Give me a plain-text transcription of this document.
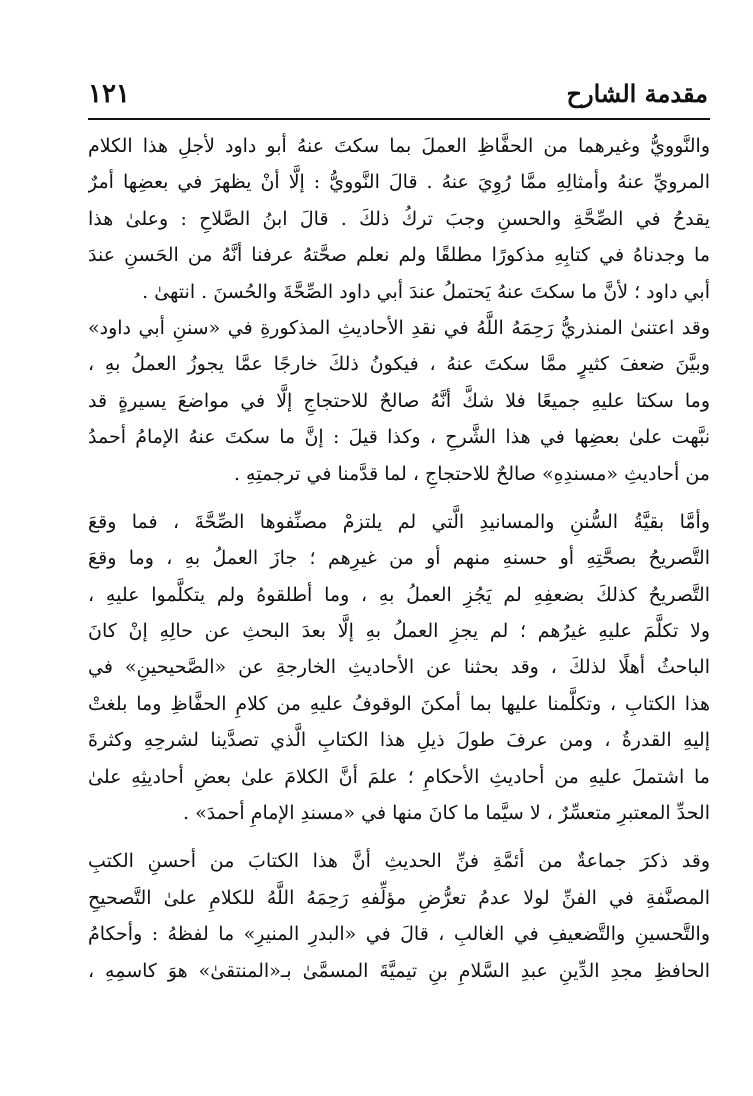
مقدمة الشارح
١٢١
والنَّوويُّ وغيرهما من الحفَّاظِ العملَ بما سكتَ عنهُ أبو داود لأجلِ هذا الكلام
المرويِّ عنهُ وأمثالِهِ ممَّا رُوِيَ عنهُ . قالَ النَّوويُّ : إلَّا أنْ يظهرَ في بعضِها أمرٌ
يقدحُ في الصِّحَّةِ والحسنِ وجبَ تركُ ذلكَ . قالَ ابنُ الصَّلاحِ : وعلىٰ هذا
ما وجدناهُ في كتابِهِ مذكورًا مطلقًا ولم نعلم صحَّتهُ عرفنا أنَّهُ من الحَسنِ عندَ
أبي داود ؛ لأنَّ ما سكتَ عنهُ يَحتملُ عندَ أبي داود الصِّحَّةَ والحُسنَ . انتهىٰ .
وقد اعتنىٰ المنذريُّ رَحِمَهُ اللَّهُ في نقدِ الأحاديثِ المذكورةِ في «سننِ أبي داود»
وبيَّنَ ضعفَ كثيرٍ ممَّا سكتَ عنهُ ، فيكونُ ذلكَ خارجًا عمَّا يجوزُ العملُ بهِ ،
وما سكتا عليهِ جميعًا فلا شكَّ أنَّهُ صالحٌ للاحتجاجِ إلَّا في مواضعَ يسيرةٍ قد
نبَّهت علىٰ بعضِها في هذا الشَّرحِ ، وكذا قيلَ : إنَّ ما سكتَ عنهُ الإمامُ أحمدُ
من أحاديثِ «مسندِهِ» صالحٌ للاحتجاجِ ، لما قدَّمنا في ترجمتِهِ .
وأمَّا بقيَّةُ السُّننِ والمسانيدِ الَّتي لم يلتزمْ مصنِّفوها الصِّحَّةَ ، فما وقعَ
التَّصريحُ بصحَّتِهِ أو حسنهِ منهم أو من غيرِهم ؛ جازَ العملُ بهِ ، وما وقعَ
التَّصريحُ كذلكَ بضعفِهِ لم يَجُزِ العملُ بهِ ، وما أطلقوهُ ولم يتكلَّموا عليهِ ،
ولا تكلَّمَ عليهِ غيرُهم ؛ لم يجزِ العملُ بهِ إلَّا بعدَ البحثِ عن حالِهِ إنْ كانَ
الباحثُ أهلًا لذلكَ ، وقد بحثنا عن الأحاديثِ الخارجةِ عن «الصَّحيحينِ» في
هذا الكتابِ ، وتكلَّمنا عليها بما أمكنَ الوقوفُ عليهِ من كلامِ الحفَّاظِ وما بلغتْ
إليهِ القدرةُ ، ومن عرفَ طولَ ذيلِ هذا الكتابِ الَّذي تصدَّينا لشرحِهِ وكثرةَ
ما اشتملَ عليهِ من أحاديثِ الأحكامِ ؛ علمَ أنَّ الكلامَ علىٰ بعضِ أحاديثِهِ علىٰ
الحدِّ المعتبرِ متعسِّرٌ ، لا سيَّما ما كانَ منها في «مسندِ الإمامِ أحمدَ» .
وقد ذكرَ جماعةٌ من أئمَّةِ فنِّ الحديثِ أنَّ هذا الكتابَ من أحسنِ الكتبِ
المصنَّفةِ في الفنِّ لولا عدمُ تعرُّضِ مؤلِّفهِ رَحِمَهُ اللَّهُ للكلامِ علىٰ التَّصحيحِ
والتَّحسينِ والتَّضعيفِ في الغالبِ ، قالَ في «البدرِ المنيرِ» ما لفظهُ : وأحكامُ
الحافظِ مجدِ الدِّينِ عبدِ السَّلامِ بنِ تيميَّةَ المسمَّىٰ بـ«المنتقىٰ» هوَ كاسمِهِ ،
